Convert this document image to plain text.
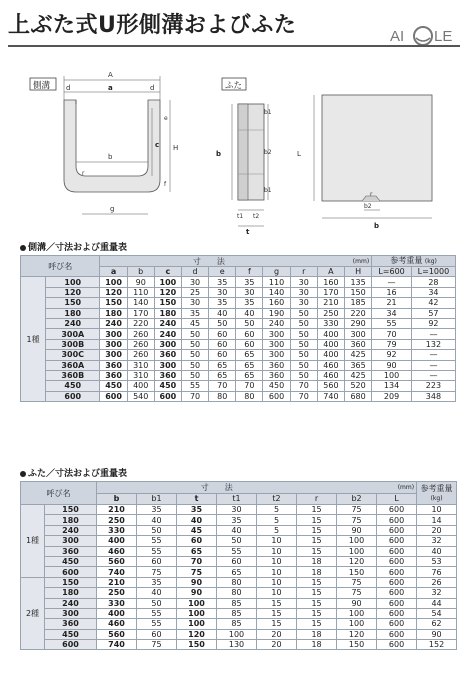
上ぶた式U形側溝およびふた	AI LE
側溝
A
d	a	d
b
c H
r
f
g
e
ふた
b1
b2
b1
b	L
t1 t2
t
r
b2
b
側溝／寸法および重量表
呼び名		寸　　法								(mm)		参考重量 (kg)	
		a	b	c	d	e	f	g	r	A	H	L=600	L=1000
1種	100	100	90	100	30	35	35	110	30	160	135	—	28
	120	120	110	120	25	30	30	140	30	170	150	16	34
	150	150	140	150	30	35	35	160	30	210	185	21	42
	180	180	170	180	35	40	40	190	50	250	220	34	57
	240	240	220	240	45	50	50	240	50	330	290	55	92
	300A	300	260	240	50	60	60	300	50	400	300	70	—
	300B	300	260	300	50	60	60	300	50	400	360	79	132
	300C	300	260	360	50	60	65	300	50	400	425	92	—
	360A	360	310	300	50	65	65	360	50	460	365	90	—
	360B	360	310	360	50	65	65	360	50	460	425	100	—
	450	450	400	450	55	70	70	450	70	560	520	134	223
	600	600	540	600	70	80	80	600	70	740	680	209	348
ふた／寸法および重量表
呼び名		寸　　法						(mm)		参考重量
(kg)
		b	b1	t	t1	t2	r	b2	L	
1種	150	210	35	35	30	5	15	75	600	10
	180	250	40	40	35	5	15	75	600	14
	240	330	50	45	40	5	15	90	600	20
	300	400	55	60	50	10	15	100	600	32
	360	460	55	65	55	10	15	100	600	40
	450	560	60	70	60	10	18	120	600	53
	600	740	75	75	65	10	18	150	600	76
2種	150	210	35	90	80	10	15	75	600	26
	180	250	40	90	80	10	15	75	600	32
	240	330	50	100	85	15	15	90	600	44
	300	400	55	100	85	15	15	100	600	54
	360	460	55	100	85	15	15	100	600	62
	450	560	60	120	100	20	18	120	600	90
	600	740	75	150	130	20	18	150	600	152
